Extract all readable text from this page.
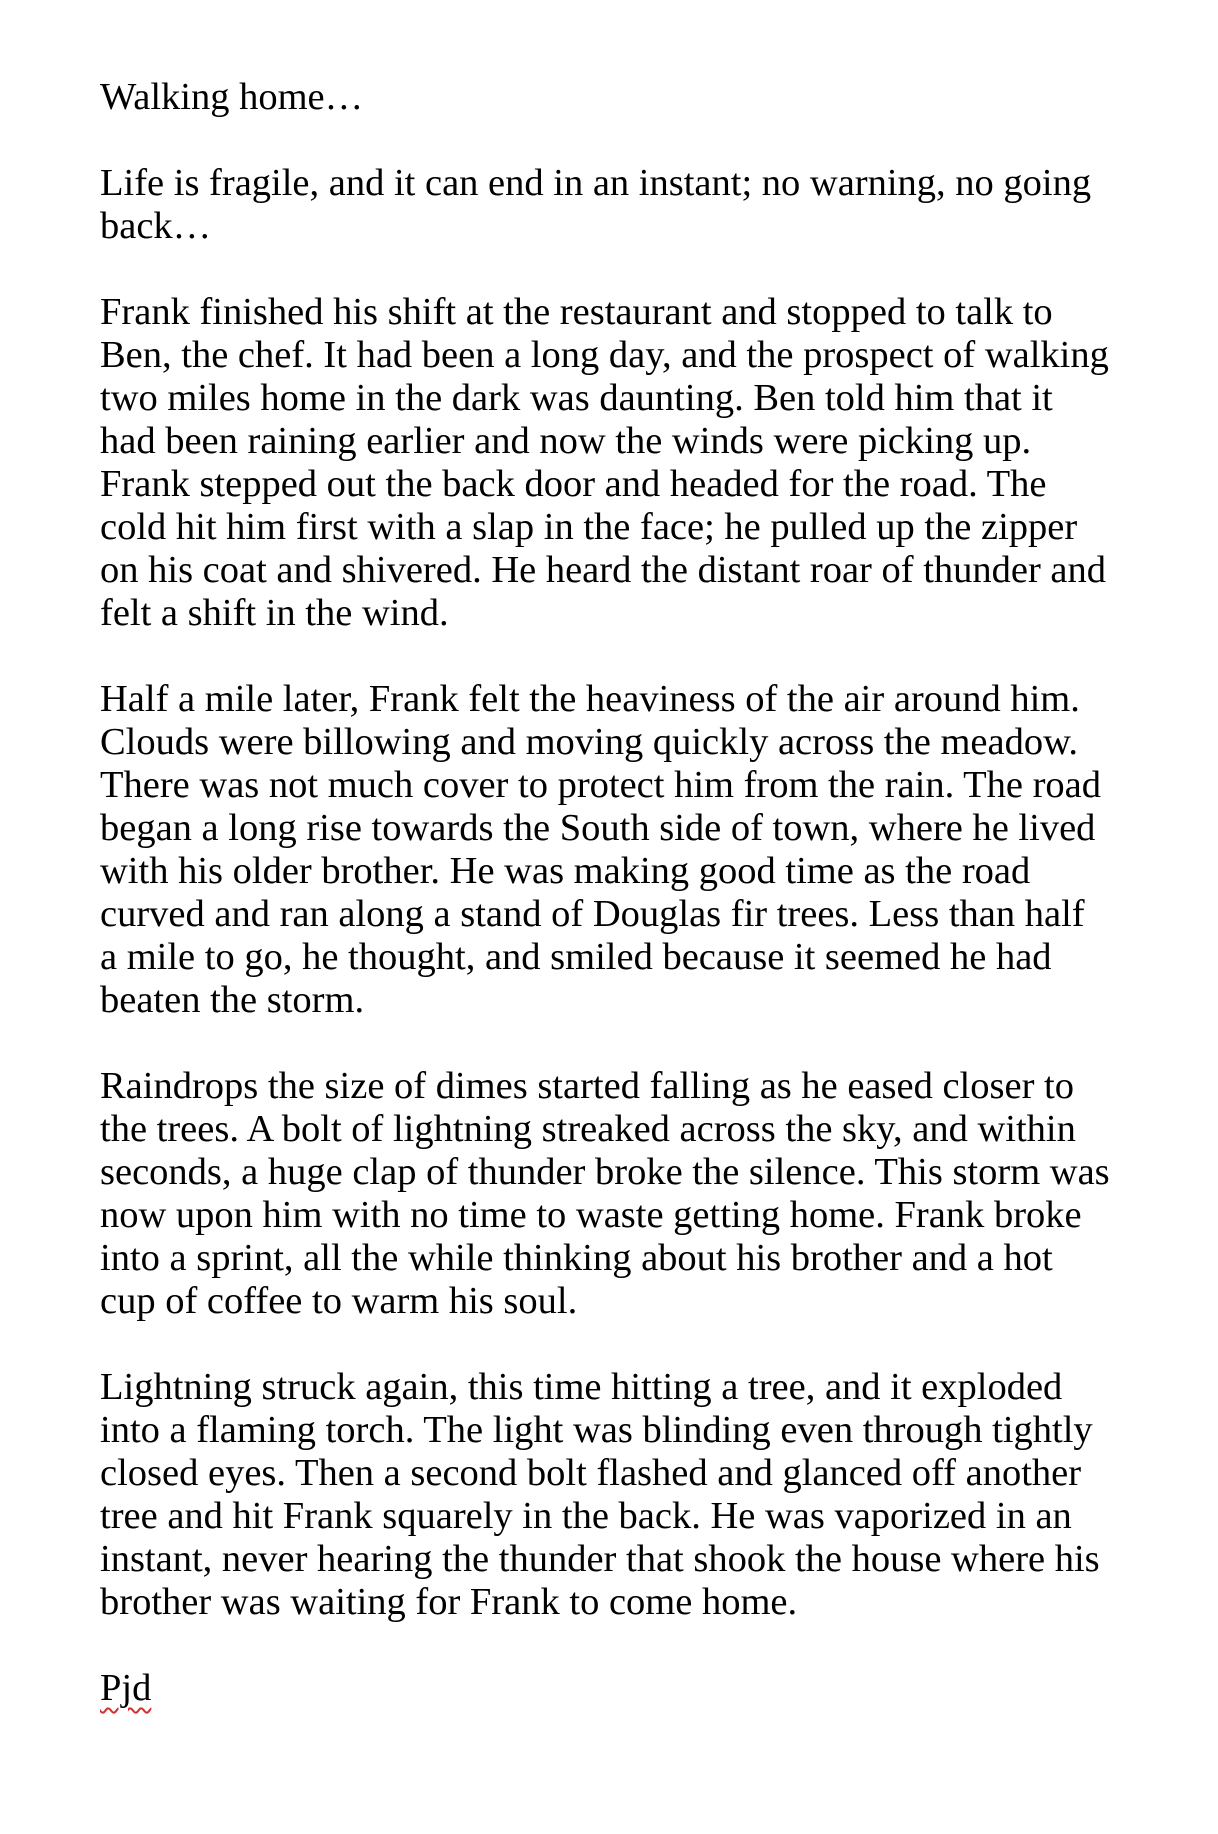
Walking home…

Life is fragile, and it can end in an instant; no warning, no going back…

Frank finished his shift at the restaurant and stopped to talk to Ben, the chef. It had been a long day, and the prospect of walking two miles home in the dark was daunting. Ben told him that it had been raining earlier and now the winds were picking up. Frank stepped out the back door and headed for the road. The cold hit him first with a slap in the face; he pulled up the zipper on his coat and shivered. He heard the distant roar of thunder and felt a shift in the wind.

Half a mile later, Frank felt the heaviness of the air around him. Clouds were billowing and moving quickly across the meadow. There was not much cover to protect him from the rain. The road began a long rise towards the South side of town, where he lived with his older brother. He was making good time as the road curved and ran along a stand of Douglas fir trees. Less than half a mile to go, he thought, and smiled because it seemed he had beaten the storm.

Raindrops the size of dimes started falling as he eased closer to the trees. A bolt of lightning streaked across the sky, and within seconds, a huge clap of thunder broke the silence. This storm was now upon him with no time to waste getting home. Frank broke into a sprint, all the while thinking about his brother and a hot cup of coffee to warm his soul.

Lightning struck again, this time hitting a tree, and it exploded into a flaming torch. The light was blinding even through tightly closed eyes. Then a second bolt flashed and glanced off another tree and hit Frank squarely in the back. He was vaporized in an instant, never hearing the thunder that shook the house where his brother was waiting for Frank to come home.

Pjd
